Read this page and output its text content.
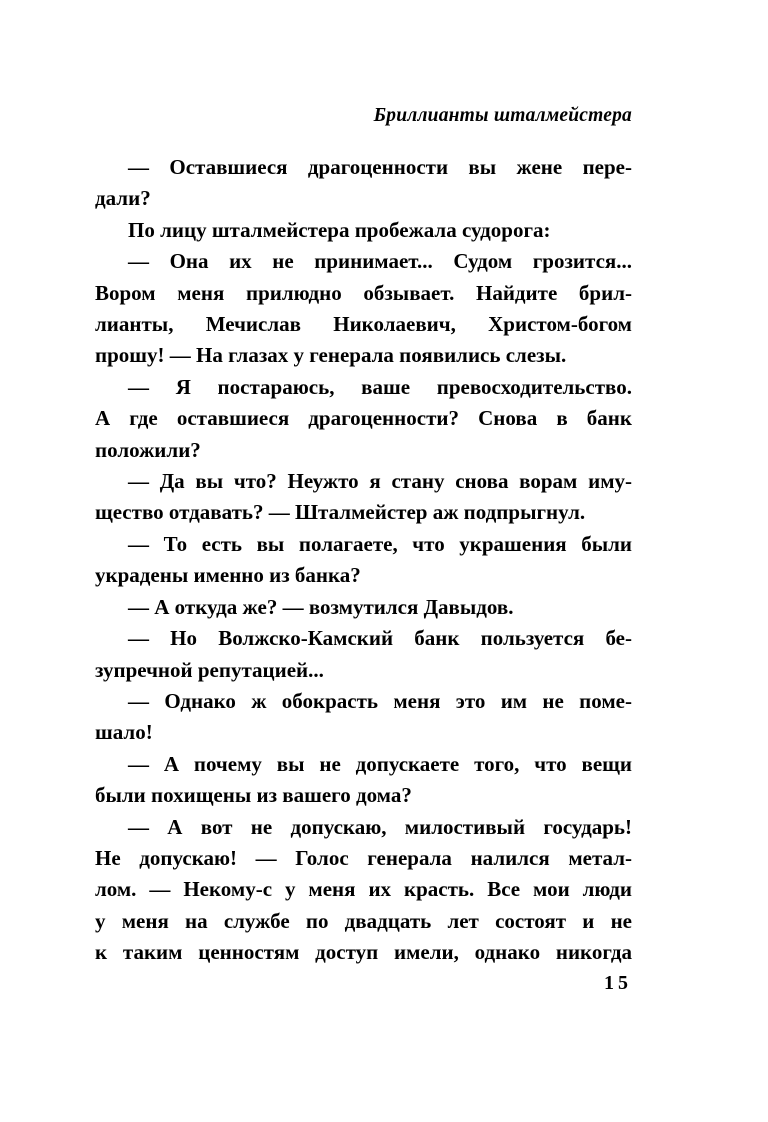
Бриллианты шталмейстера
— Оставшиеся драгоценности вы жене пере-
дали?
По лицу шталмейстера пробежала судорога:
— Она их не принимает... Судом грозится...
Вором меня прилюдно обзывает. Найдите брил-
лианты, Мечислав Николаевич, Христом-богом
прошу! — На глазах у генерала появились слезы.
— Я постараюсь, ваше превосходительство.
А где оставшиеся драгоценности? Снова в банк
положили?
— Да вы что? Неужто я стану снова ворам иму-
щество отдавать? — Шталмейстер аж подпрыгнул.
— То есть вы полагаете, что украшения были
украдены именно из банка?
— А откуда же? — возмутился Давыдов.
— Но Волжско-Камский банк пользуется бе-
зупречной репутацией...
— Однако ж обокрасть меня это им не поме-
шало!
— А почему вы не допускаете того, что вещи
были похищены из вашего дома?
— А вот не допускаю, милостивый государь!
Не допускаю! — Голос генерала налился метал-
лом. — Некому-с у меня их красть. Все мои люди
у меня на службе по двадцать лет состоят и не
к таким ценностям доступ имели, однако никогда
15
